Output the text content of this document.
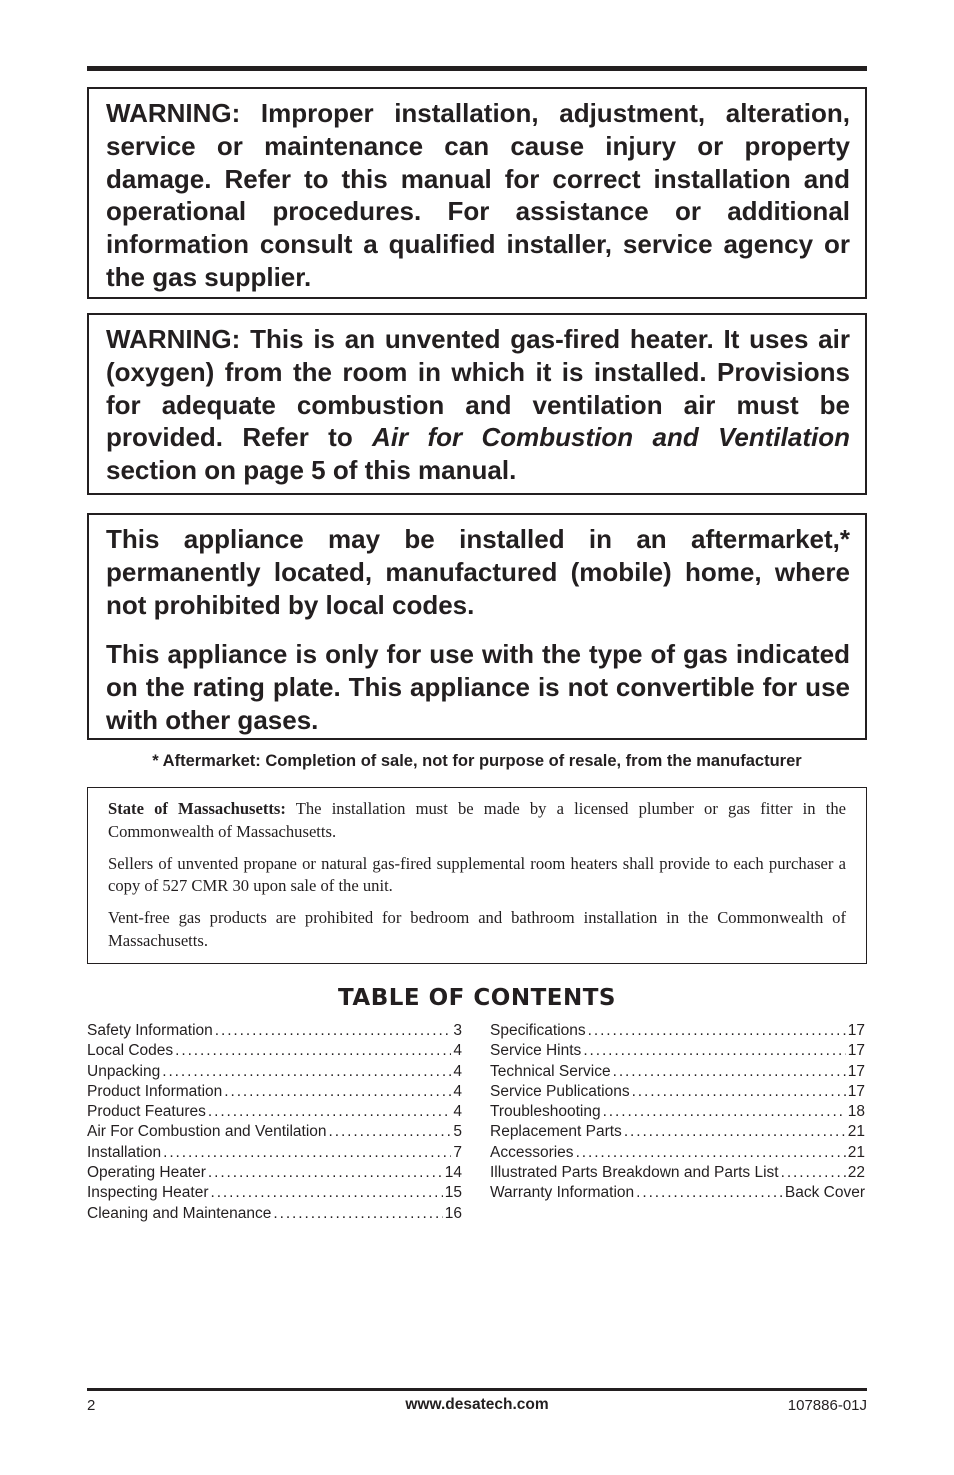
WARNING: Improper installation, adjustment, alteration, service or maintenance can cause injury or property damage. Refer to this manual for correct installation and operational procedures. For assistance or additional information consult a qualified installer, service agency or the gas supplier.

WARNING: This is an unvented gas-fired heater. It uses air (oxygen) from the room in which it is installed. Provisions for adequate combustion and ventilation air must be provided. Refer to Air for Combustion and Ventilation section on page 5 of this manual.

This appliance may be installed in an aftermarket,* permanently located, manufactured (mobile) home, where not prohibited by local codes.

This appliance is only for use with the type of gas indicated on the rating plate. This appliance is not convertible for use with other gases.

* Aftermarket: Completion of sale, not for purpose of resale, from the manufacturer

State of Massachusetts: The installation must be made by a licensed plumber or gas fitter in the Commonwealth of Massachusetts.

Sellers of unvented propane or natural gas-fired supplemental room heaters shall provide to each purchaser a copy of 527 CMR 30 upon sale of the unit.

Vent-free gas products are prohibited for bedroom and bathroom installation in the Commonwealth of Massachusetts.

TABLE OF CONTENTS
Safety Information . . .	3
Local Codes . . .	4
Unpacking . . .	4
Product Information . . .	4
Product Features . . .	4
Air For Combustion and Ventilation . . .	5
Installation . . .	7
Operating Heater . . .	14
Inspecting Heater . . .	15
Cleaning and Maintenance . . .	16
Specifications . . .	17
Service Hints . . .	17
Technical Service . . .	17
Service Publications . . .	17
Troubleshooting . . .	18
Replacement Parts . . .	21
Accessories . . .	21
Illustrated Parts Breakdown and Parts List . . .	22
Warranty Information . . .	Back Cover
2	www.desatech.com	107886-01J
